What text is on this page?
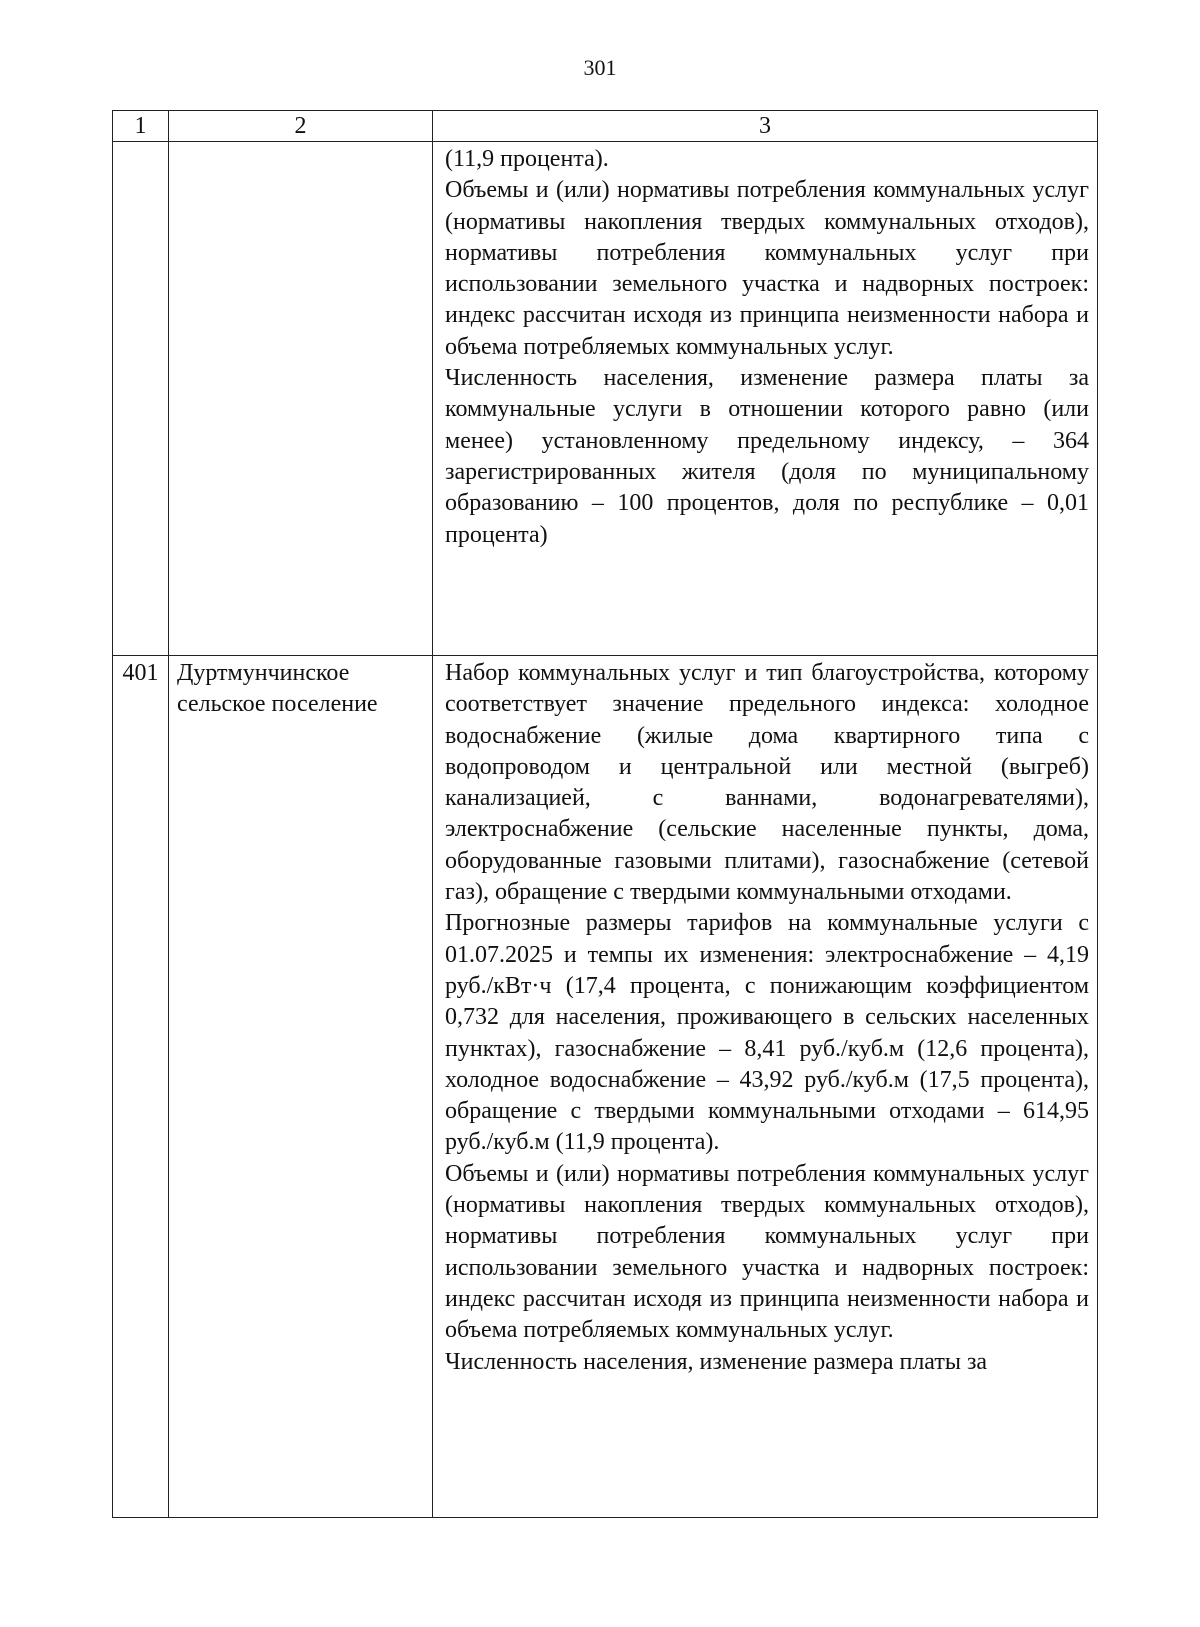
301
1	2	3

		(11,9 процента).

Объемы и (или) нормативы потребления коммунальных услуг (нормативы накопления твердых коммунальных отходов), нормативы потребления коммунальных услуг при использовании земельного участка и надворных построек: индекс рассчитан исходя из принципа неизменности набора и объема потребляемых коммунальных услуг.

Численность населения, изменение размера платы за коммунальные услуги в отношении которого равно (или менее) установленному предельному индексу, – 364 зарегистрированных жителя (доля по муниципальному образованию – 100 процентов, доля по республике – 0,01 процента)

401	Дуртмунчинское сельское поселение	Набор коммунальных услуг и тип благоустройства, которому соответствует значение предельного индекса: холодное водоснабжение (жилые дома квартирного типа с водопроводом и центральной или местной (выгреб) канализацией, с ваннами, водонагревателями), электроснабжение (сельские населенные пункты, дома, оборудованные газовыми плитами), газоснабжение (сетевой газ), обращение с твердыми коммунальными отходами.

Прогнозные размеры тарифов на коммунальные услуги с 01.07.2025 и темпы их изменения: электроснабжение – 4,19 руб./кВт·ч (17,4 процента, с понижающим коэффициентом 0,732 для населения, проживающего в сельских населенных пунктах), газоснабжение – 8,41 руб./куб.м (12,6 процента), холодное водоснабжение – 43,92 руб./куб.м (17,5 процента), обращение с твердыми коммунальными отходами – 614,95 руб./куб.м (11,9 процента).

Объемы и (или) нормативы потребления коммунальных услуг (нормативы накопления твердых коммунальных отходов), нормативы потребления коммунальных услуг при использовании земельного участка и надворных построек: индекс рассчитан исходя из принципа неизменности набора и объема потребляемых коммунальных услуг.

Численность населения, изменение размера платы за
